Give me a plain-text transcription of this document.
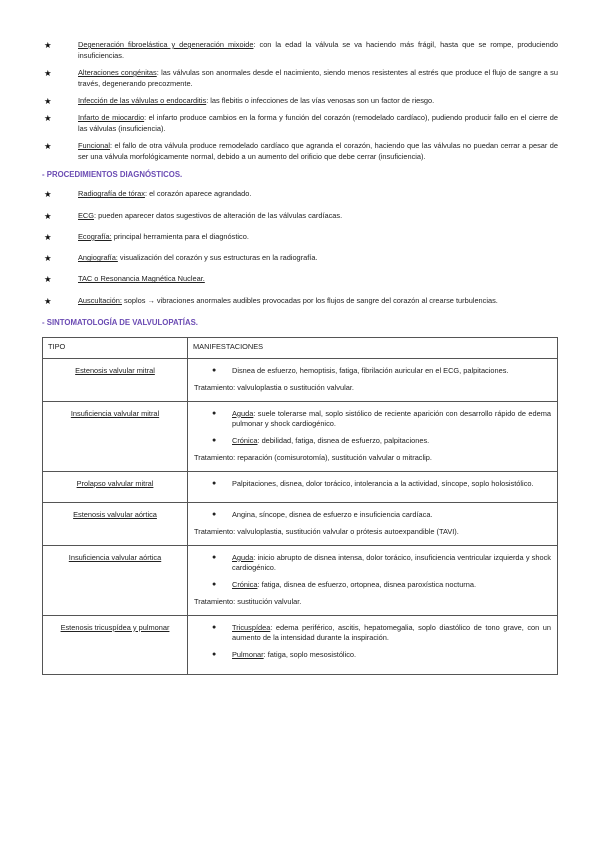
★	Degeneración fibroelástica y degeneración mixoide: con la edad la válvula se va haciendo más frágil, hasta que se rompe, produciendo insuficiencias.
★	Alteraciones congénitas: las válvulas son anormales desde el nacimiento, siendo menos resistentes al estrés que produce el flujo de sangre a su través, degenerando precozmente.
★	Infección de las válvulas o endocarditis: las flebitis o infecciones de las vías venosas son un factor de riesgo.
★	Infarto de miocardio: el infarto produce cambios en la forma y función del corazón (remodelado cardíaco), pudiendo producir fallo en el cierre de las válvulas (insuficiencia).
★	Funcional: el fallo de otra válvula produce remodelado cardíaco que agranda el corazón, haciendo que las válvulas no puedan cerrar a pesar de ser una válvula morfológicamente normal, debido a un aumento del orificio que debe cerrar (insuficiencia).
- PROCEDIMIENTOS DIAGNÓSTICOS.
★	Radiografía de tórax: el corazón aparece agrandado.
★	ECG: pueden aparecer datos sugestivos de alteración de las válvulas cardíacas.
★	Ecografía: principal herramienta para el diagnóstico.
★	Angiografía: visualización del corazón y sus estructuras en la radiografía.
★	TAC o Resonancia Magnética Nuclear.
★	Auscultación: soplos → vibraciones anormales audibles provocadas por los flujos de sangre del corazón al crearse turbulencias.
- SINTOMATOLOGÍA DE VALVULOPATÍAS.
TIPO	MANIFESTACIONES
Estenosis valvular mitral	● Disnea de esfuerzo, hemoptisis, fatiga, fibrilación auricular en el ECG, palpitaciones.
Tratamiento: valvuloplastia o sustitución valvular.

Insuficiencia valvular mitral	● Aguda: suele tolerarse mal, soplo sistólico de reciente aparición con desarrollo rápido de edema pulmonar y shock cardiogénico.
● Crónica: debilidad, fatiga, disnea de esfuerzo, palpitaciones.
Tratamiento: reparación (comisurotomía), sustitución valvular o mitraclip.

Prolapso valvular mitral	● Palpitaciones, disnea, dolor torácico, intolerancia a la actividad, síncope, soplo holosistólico.

Estenosis valvular aórtica	● Angina, síncope, disnea de esfuerzo e insuficiencia cardíaca.
Tratamiento: valvuloplastia, sustitución valvular o prótesis autoexpandible (TAVI).

Insuficiencia valvular aórtica	● Aguda: inicio abrupto de disnea intensa, dolor torácico, insuficiencia ventricular izquierda y shock cardiogénico.
● Crónica: fatiga, disnea de esfuerzo, ortopnea, disnea paroxística nocturna.
Tratamiento: sustitución valvular.

Estenosis tricuspídea y pulmonar	● Tricuspídea: edema periférico, ascitis, hepatomegalia, soplo diastólico de tono grave, con un aumento de la intensidad durante la inspiración.
● Pulmonar: fatiga, soplo mesosistólico.
